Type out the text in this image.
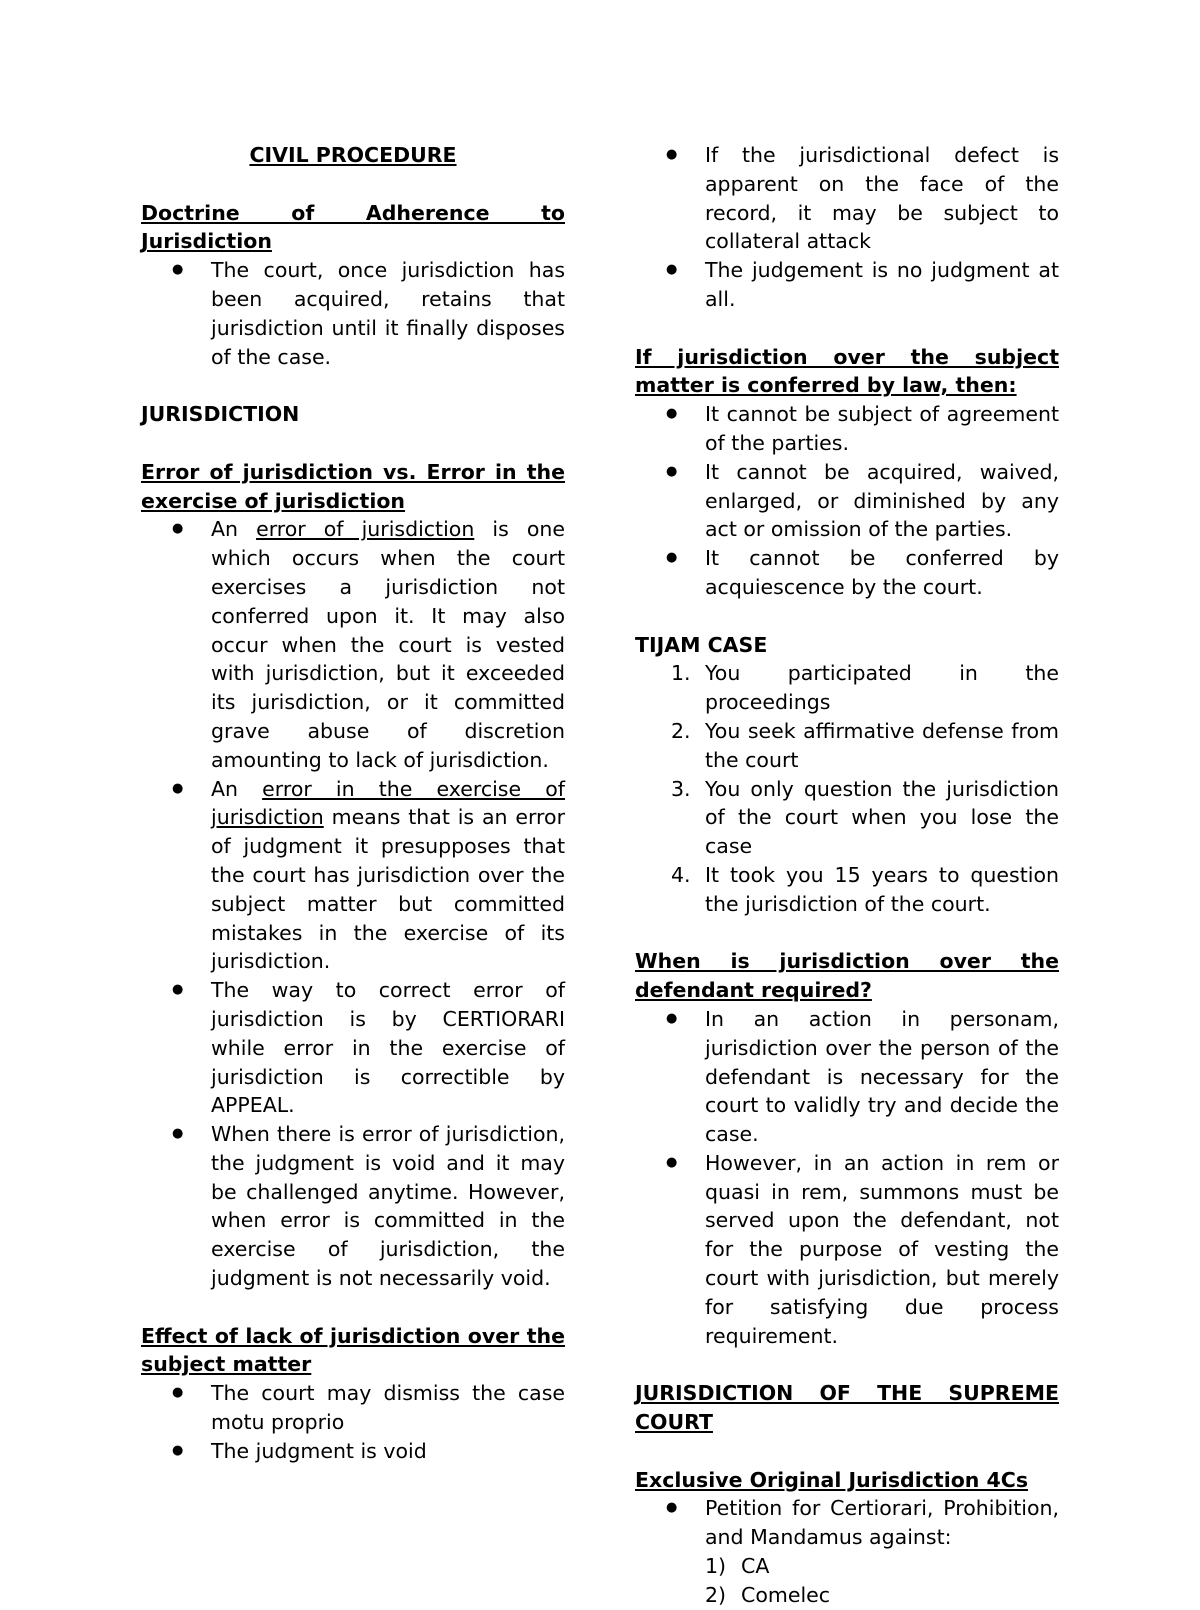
CIVIL PROCEDURE
Doctrine of Adherence to Jurisdiction
● The court, once jurisdiction has been acquired, retains that jurisdiction until it finally disposes of the case.
JURISDICTION
Error of jurisdiction vs. Error in the exercise of jurisdiction
● An error of jurisdiction is one which occurs when the court exercises a jurisdiction not conferred upon it. It may also occur when the court is vested with jurisdiction, but it exceeded its jurisdiction, or it committed grave abuse of discretion amounting to lack of jurisdiction.
● An error in the exercise of jurisdiction means that is an error of judgment it presupposes that the court has jurisdiction over the subject matter but committed mistakes in the exercise of its jurisdiction.
● The way to correct error of jurisdiction is by CERTIORARI while error in the exercise of jurisdiction is correctible by APPEAL.
● When there is error of jurisdiction, the judgment is void and it may be challenged anytime. However, when error is committed in the exercise of jurisdiction, the judgment is not necessarily void.
Effect of lack of jurisdiction over the subject matter
● The court may dismiss the case motu proprio
● The judgment is void
● If the jurisdictional defect is apparent on the face of the record, it may be subject to collateral attack
● The judgement is no judgment at all.
If jurisdiction over the subject matter is conferred by law, then:
● It cannot be subject of agreement of the parties.
● It cannot be acquired, waived, enlarged, or diminished by any act or omission of the parties.
● It cannot be conferred by acquiescence by the court.
TIJAM CASE
1. You participated in the proceedings
2. You seek affirmative defense from the court
3. You only question the jurisdiction of the court when you lose the case
4. It took you 15 years to question the jurisdiction of the court.
When is jurisdiction over the defendant required?
● In an action in personam, jurisdiction over the person of the defendant is necessary for the court to validly try and decide the case.
● However, in an action in rem or quasi in rem, summons must be served upon the defendant, not for the purpose of vesting the court with jurisdiction, but merely for satisfying due process requirement.
JURISDICTION OF THE SUPREME COURT
Exclusive Original Jurisdiction 4Cs
● Petition for Certiorari, Prohibition, and Mandamus against:
1) CA
2) Comelec
